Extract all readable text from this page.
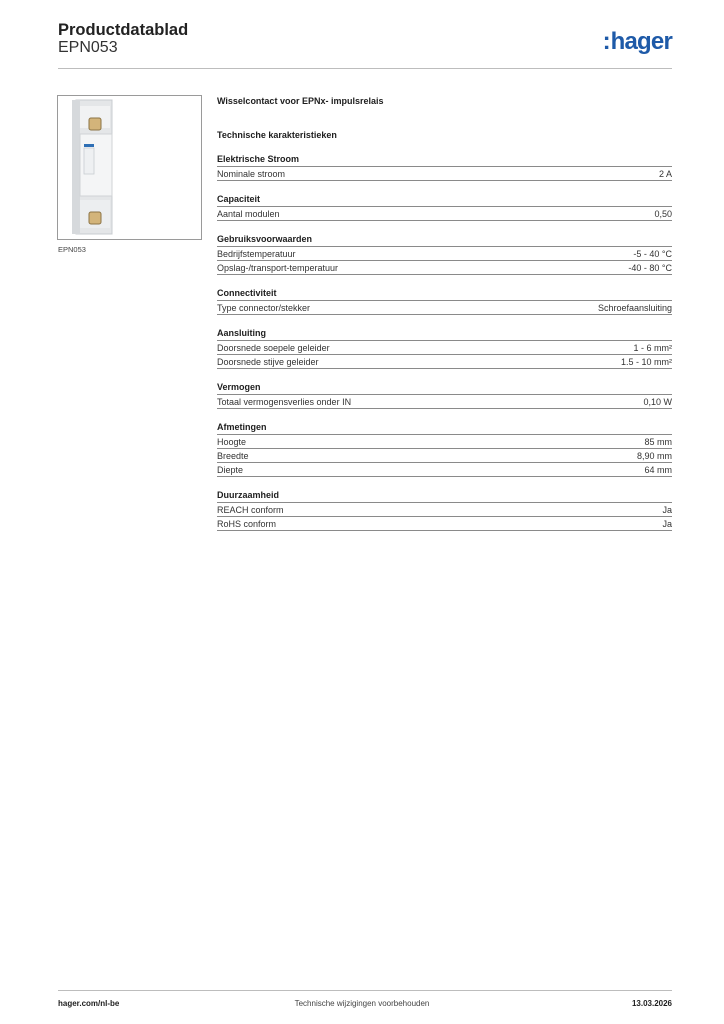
Productdatablad
EPN053	:hager
EPN053
Wisselcontact voor EPNx- impulsrelais
Technische karakteristieken
Elektrische Stroom
Nominale stroom	2 A
Capaciteit
Aantal modulen	0,50
Gebruiksvoorwaarden
Bedrijfstemperatuur	-5 - 40 °C
Opslag-/transport-temperatuur	-40 - 80 °C
Connectiviteit
Type connector/stekker	Schroefaansluiting
Aansluiting
Doorsnede soepele geleider	1 - 6 mm²
Doorsnede stijve geleider	1.5 - 10 mm²
Vermogen
Totaal vermogensverlies onder IN	0,10 W
Afmetingen
Hoogte	85 mm
Breedte	8,90 mm
Diepte	64 mm
Duurzaamheid
REACH conform	Ja
RoHS conform	Ja
hager.com/nl-be	Technische wijzigingen voorbehouden	13.03.2026
